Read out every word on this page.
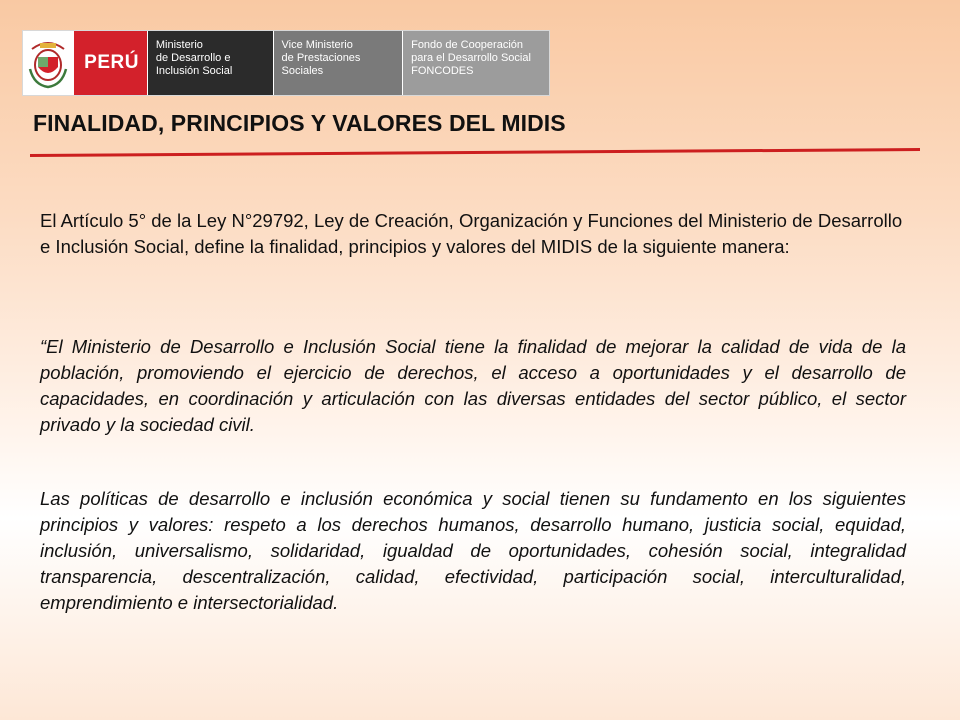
PERÚ
Ministerio
de Desarrollo e
Inclusión Social
Vice Ministerio
de Prestaciones
Sociales
Fondo de Cooperación
para el Desarrollo Social
FONCODES
FINALIDAD, PRINCIPIOS Y VALORES DEL MIDIS

El Artículo 5° de la Ley N°29792, Ley de Creación, Organización y Funciones del Ministerio de Desarrollo e Inclusión Social, define la finalidad, principios y valores del MIDIS de la siguiente manera:

“El Ministerio de Desarrollo e Inclusión Social tiene la finalidad de mejorar la calidad de vida de la población, promoviendo el ejercicio de derechos, el acceso a oportunidades y el desarrollo de capacidades, en coordinación y articulación con las diversas entidades del sector público, el sector privado y la sociedad civil.

Las políticas de desarrollo e inclusión económica y social tienen su fundamento en los siguientes principios y valores: respeto a los derechos humanos, desarrollo humano, justicia social, equidad, inclusión, universalismo, solidaridad, igualdad de oportunidades, cohesión social, integralidad transparencia, descentralización, calidad, efectividad, participación social, interculturalidad, emprendimiento e intersectorialidad.
